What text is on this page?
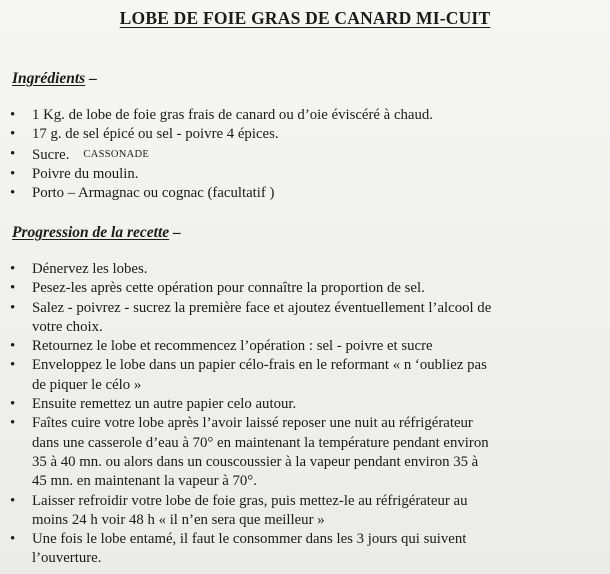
LOBE DE FOIE GRAS DE CANARD MI-CUIT
Ingrédients –
• 1 Kg. de lobe de foie gras frais de canard ou d’oie éviscéré à chaud.
• 17 g. de sel épicé ou sel - poivre 4 épices.
• Sucre. CASSONADE
• Poivre du moulin.
• Porto – Armagnac ou cognac (facultatif )
Progression de la recette –
• Dénervez les lobes.
• Pesez-les après cette opération pour connaître la proportion de sel.
• Salez - poivrez - sucrez la première face et ajoutez éventuellement l’alcool de
votre choix.
• Retournez le lobe et recommencez l’opération : sel - poivre et sucre
• Enveloppez le lobe dans un papier célo-frais en le reformant « n ‘oubliez pas
de piquer le célo »
• Ensuite remettez un autre papier celo autour.
• Faîtes cuire votre lobe après l’avoir laissé reposer une nuit au réfrigérateur
dans une casserole d’eau à 70° en maintenant la température pendant environ
35 à 40 mn. ou alors dans un couscoussier à la vapeur pendant environ 35 à
45 mn. en maintenant la vapeur à 70°.
• Laisser refroidir votre lobe de foie gras, puis mettez-le au réfrigérateur au
moins 24 h voir 48 h « il n’en sera que meilleur »
• Une fois le lobe entamé, il faut le consommer dans les 3 jours qui suivent
l’ouverture.
